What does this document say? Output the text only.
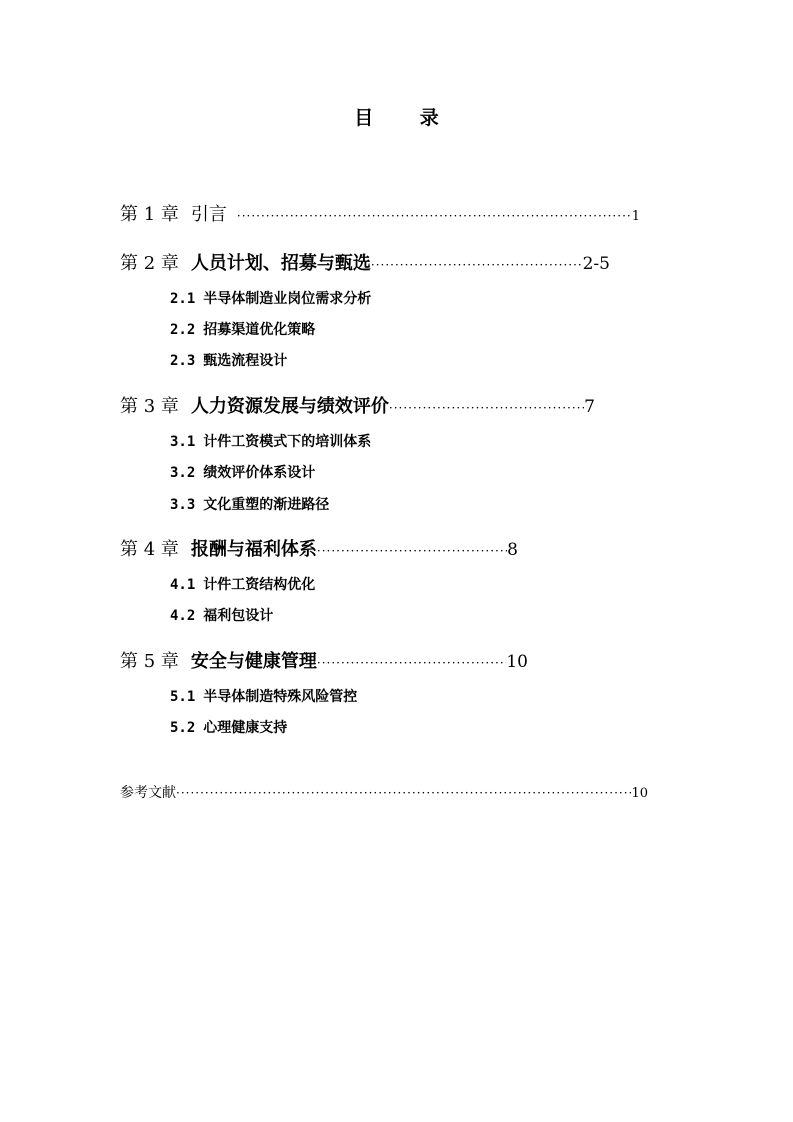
目 录
第 1 章 引言 ·····	1
第 2 章 人员计划、招募与甄选 ·····	2-5
2.1 半导体制造业岗位需求分析
2.2 招募渠道优化策略
2.3 甄选流程设计
第 3 章 人力资源发展与绩效评价 ·····	7
3.1 计件工资模式下的培训体系
3.2 绩效评价体系设计
3.3 文化重塑的渐进路径
第 4 章 报酬与福利体系 ·····	8
4.1 计件工资结构优化
4.2 福利包设计
第 5 章 安全与健康管理 ·····	10
5.1 半导体制造特殊风险管控
5.2 心理健康支持
参考文献 ·····	10
